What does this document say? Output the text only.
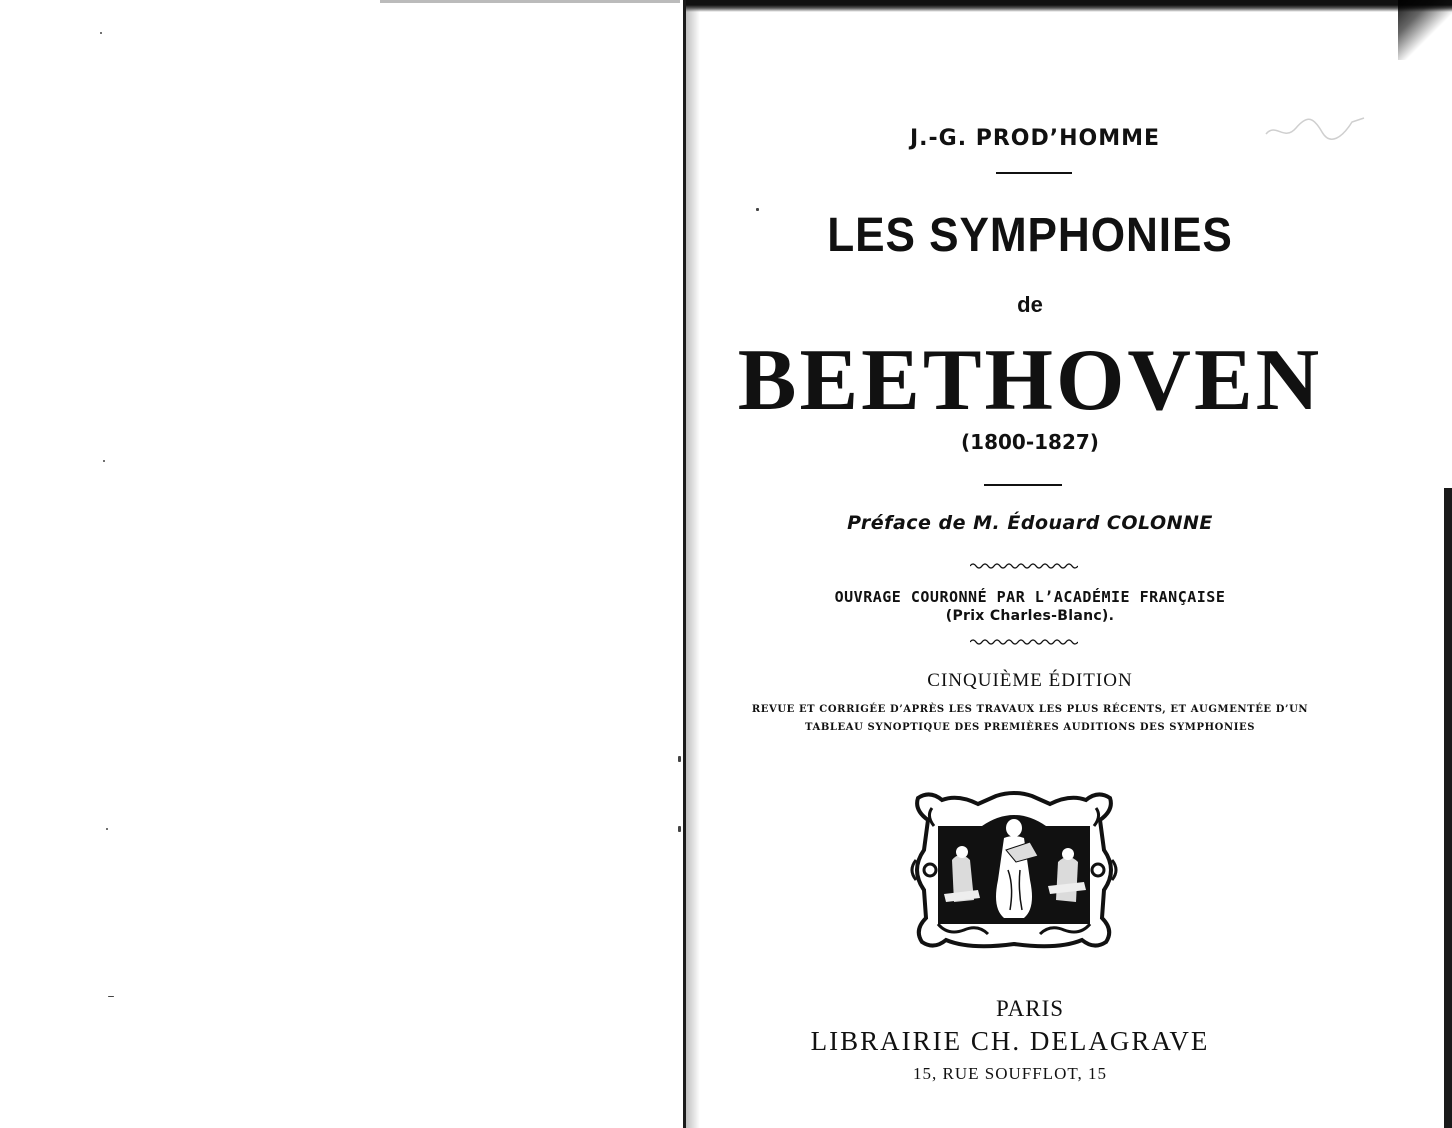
J.-G. PROD’HOMME
LES SYMPHONIES
de
BEETHOVEN
(1800-1827)
Préface de M. Édouard COLONNE
OUVRAGE COURONNÉ PAR L’ACADÉMIE FRANÇAISE
(Prix Charles-Blanc).
CINQUIÈME ÉDITION
REVUE ET CORRIGÉE D’APRÈS LES TRAVAUX LES PLUS RÉCENTS, ET AUGMENTÉE D’UN
TABLEAU SYNOPTIQUE DES PREMIÈRES AUDITIONS DES SYMPHONIES
PARIS
LIBRAIRIE CH. DELAGRAVE
15, RUE SOUFFLOT, 15
